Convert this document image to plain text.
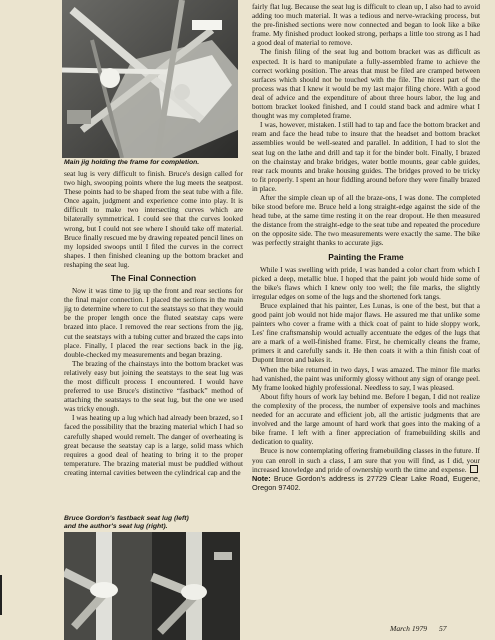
Main jig holding the frame for completion.

seat lug is very difficult to finish. Bruce's design called for two high, swooping points where the lug meets the seatpost. These points had to be shaped from the seat tube with a file. Once again, judgment and experience come into play. It is difficult to make two intersecting curves which are bilaterally symmetrical. I could see that the curves looked wrong, but I could not see where I should take off material. Bruce finally rescued me by drawing repeated pencil lines on my lopsided swoops until I filed the curves in the correct shapes. I then finished cleaning up the bottom bracket and reshaping the seat lug.

The Final Connection

Now it was time to jig up the front and rear sections for the final major connection. I placed the sections in the main jig to determine where to cut the seatstays so that they would be the proper length once the fluted seatstay caps were brazed into place. I removed the rear sections from the jig, cut the seatstays with a tubing cutter and brazed the caps into place. Finally, I placed the rear sections back in the jig, double-checked my measurements and began brazing.

The brazing of the chainstays into the bottom bracket was relatively easy but joining the seatstays to the seat lug was the most difficult process I encountered. I would have preferred to use Bruce's distinctive “fastback” method of attaching the seatstays to the seat lug, but the one we used was tricky enough.

I was heating up a lug which had already been brazed, so I faced the possibility that the brazing material which I had so carefully shaped would remelt. The danger of overheating is great because the seatstay cap is a large, solid mass which requires a good deal of heating to bring it to the proper temperature. The brazing material must be puddled without creating internal cavities between the cylindrical cap and the

Bruce Gordon's fastback seat lug (left)
and the author's seat lug (right).

fairly flat lug. Because the seat lug is difficult to clean up, I also had to avoid adding too much material. It was a tedious and nerve-wracking process, but the pre-finished sections were now connected and began to look like a bike frame. My finished product looked strong, perhaps a little too strong as I had a good deal of material to remove.

The finish filing of the seat lug and bottom bracket was as difficult as expected. It is hard to manipulate a fully-assembled frame to achieve the correct working position. The areas that must be filed are cramped between surfaces which should not be touched with the file. The nicest part of the process was that I knew it would be my last major filing chore. With a good deal of advice and the expenditure of about three hours labor, the lug and bottom bracket looked finished, and I could stand back and admire what I thought was my completed frame.

I was, however, mistaken. I still had to tap and face the bottom bracket and ream and face the head tube to insure that the headset and bottom bracket assemblies would be well-seated and parallel. In addition, I had to slot the seat lug on the lathe and drill and tap it for the binder bolt. Finally, I brazed on the chainstay and brake bridges, water bottle mounts, gear cable guides, rear rack mounts and brake housing guides. The bridges proved to be tricky to fit properly. I spent an hour fiddling around before they were finally brazed in place.

After the simple clean up of all the braze-ons, I was done. The completed bike stood before me. Bruce held a long straight-edge against the side of the head tube, at the same time resting it on the rear dropout. He then measured the distance from the straight-edge to the seat tube and repeated the procedure on the opposite side. The two measurements were exactly the same. The bike was perfectly straight thanks to accurate jigs.

Painting the Frame

While I was swelling with pride, I was handed a color chart from which I picked a deep, metallic blue. I hoped that the paint job would hide some of the bike's flaws which I knew only too well; the file marks, the slightly irregular edges on some of the lugs and the shortened fork tangs.

Bruce explained that his painter, Les Lunas, is one of the best, but that a good paint job would not hide major flaws. He assured me that unlike some painters who cover a frame with a thick coat of paint to hide sloppy work, Les' fine craftsmanship would actually accentuate the edges of the lugs that are a mark of a well-finished frame. First, he chemically cleans the frame, primers it and carefully sands it. He then coats it with a thin finish coat of Dupont Imron and bakes it.

When the bike returned in two days, I was amazed. The minor file marks had vanished, the paint was uniformly glossy without any sign of orange peel. My frame looked highly professional. Needless to say, I was pleased.

About fifty hours of work lay behind me. Before I began, I did not realize the complexity of the process, the number of expensive tools and machines needed for an accurate and efficient job, all the artistic judgments that are involved and the large amount of hard work that goes into the making of a bike frame. I left with a finer appreciation of framebuilding skills and dedication to quality.

Bruce is now contemplating offering framebuilding classes in the future. If you can enroll in such a class, I am sure that you will find, as I did, your increased knowledge and pride of ownership worth the time and expense.

Note: Bruce Gordon's address is 27729 Clear Lake Road, Eugene, Oregon 97402.

March 1979 57
